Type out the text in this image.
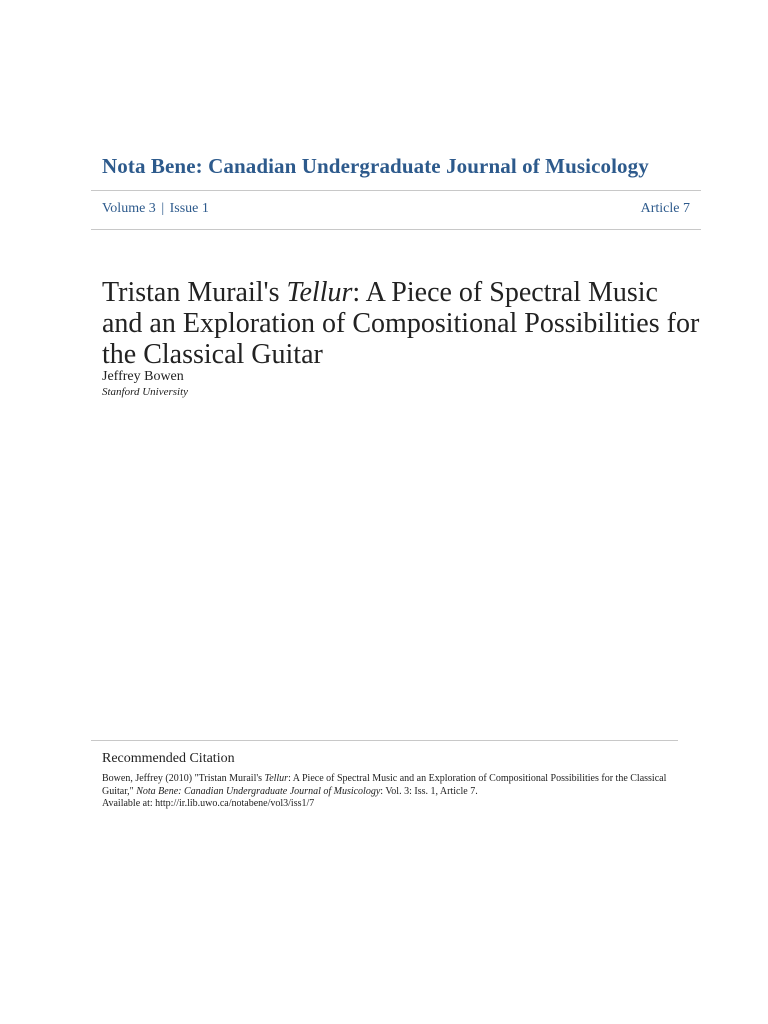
Nota Bene: Canadian Undergraduate Journal of Musicology
Volume 3 | Issue 1	Article 7
Tristan Murail's Tellur: A Piece of Spectral Music and an Exploration of Compositional Possibilities for the Classical Guitar
Jeffrey Bowen
Stanford University
Recommended Citation
Bowen, Jeffrey (2010) "Tristan Murail's Tellur: A Piece of Spectral Music and an Exploration of Compositional Possibilities for the Classical Guitar," Nota Bene: Canadian Undergraduate Journal of Musicology: Vol. 3: Iss. 1, Article 7.
Available at: http://ir.lib.uwo.ca/notabene/vol3/iss1/7
